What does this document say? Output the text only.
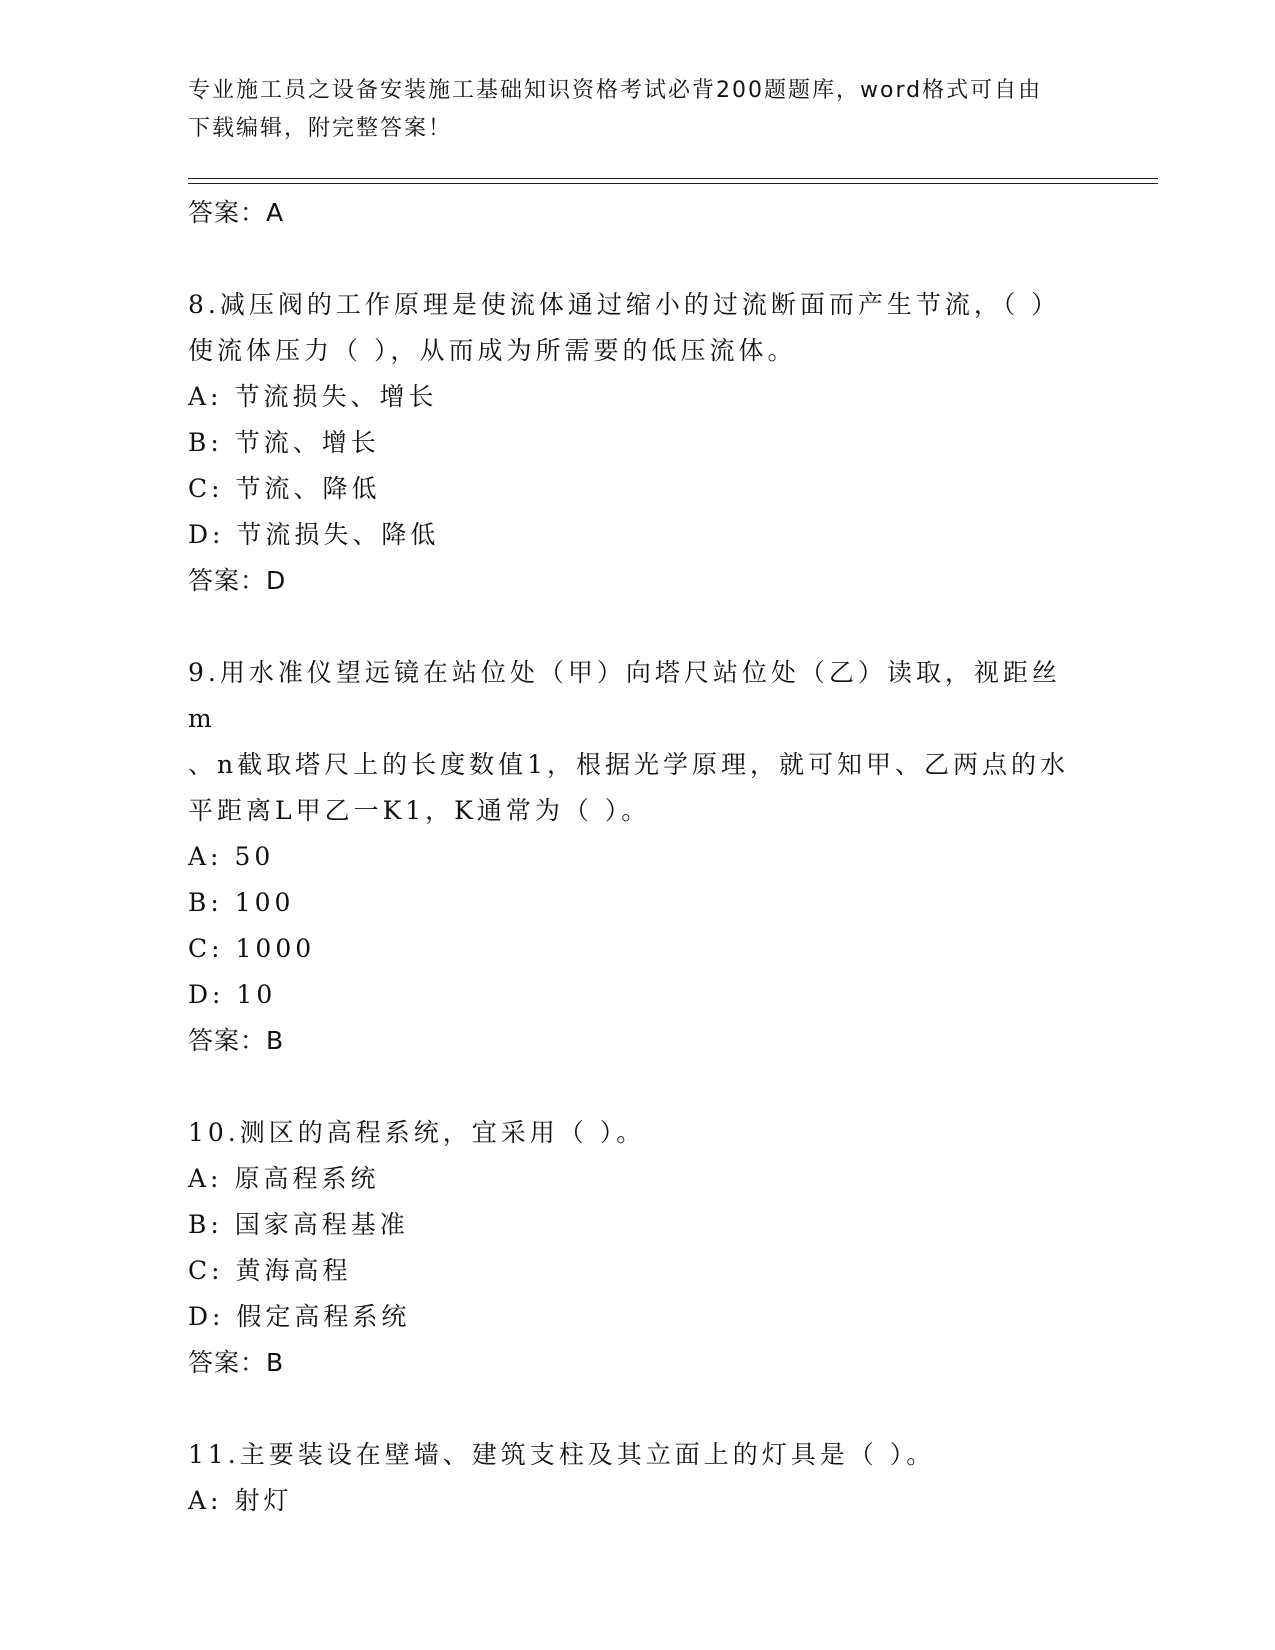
专业施工员之设备安装施工基础知识资格考试必背200题题库，word格式可自由
下载编辑，附完整答案！
答案：A
8.减压阀的工作原理是使流体通过缩小的过流断面而产生节流，（ ）
使流体压力（ ），从而成为所需要的低压流体。
A: 节流损失、增长
B: 节流、增长
C: 节流、降低
D: 节流损失、降低
答案：D
9.用水准仪望远镜在站位处（甲）向塔尺站位处（乙）读取，视距丝m
、n截取塔尺上的长度数值1，根据光学原理，就可知甲、乙两点的水
平距离L甲乙一K1，K通常为（ ）。
A: 50
B: 100
C: 1000
D: 10
答案：B
10.测区的高程系统，宜采用（ ）。
A: 原高程系统
B: 国家高程基准
C: 黄海高程
D: 假定高程系统
答案：B
11.主要装设在壁墙、建筑支柱及其立面上的灯具是（ ）。
A: 射灯
